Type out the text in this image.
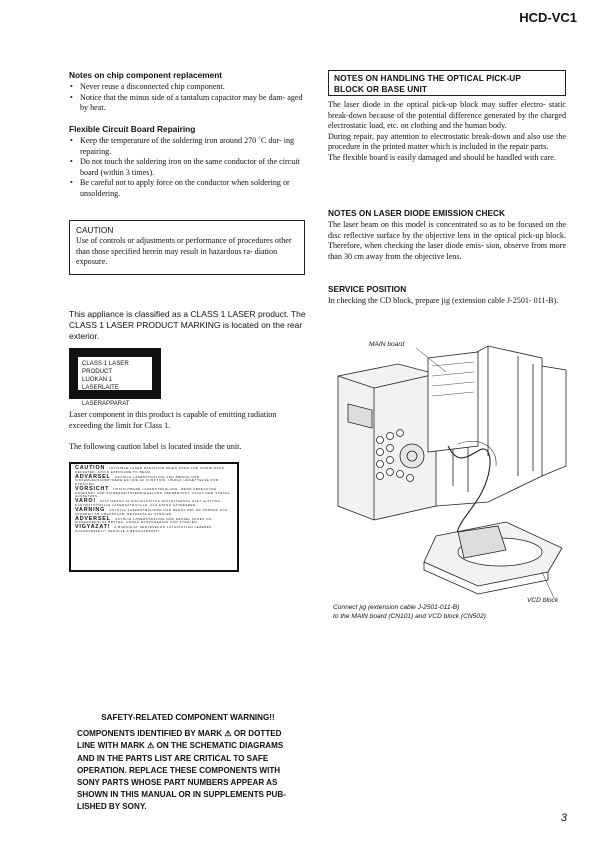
HCD-VC1
Notes on chip component replacement
• Never reuse a disconnected chip component.
• Notice that the minus side of a tantalum capacitor may be dam- aged by heat.
Flexible Circuit Board Repairing
• Keep the temperature of the soldering iron around 270 ˚C dur- ing repairing.
• Do not touch the soldering iron on the same conductor of the circuit board (within 3 times).
• Be careful not to apply force on the conductor when soldering or unsoldering.
CAUTION
Use of controls or adjustments or performance of procedures other than those specified herein may result in hazardous ra- diation exposure.
This appliance is classified as a CLASS 1 LASER product. The CLASS 1 LASER PRODUCT MARKING is located on the rear exterior.
CLASS 1 LASER PRODUCT
LUOKAN 1 LASERLAITE
KLASS 1 LASERAPPARAT
Laser component in this product is capable of emitting radiation exceeding the limit for Class 1.
The following caution label is located inside the unit.
CAUTION : INVISIBLE LASER RADIATION WHEN OPEN AND INTERLOCKS DEFEATED. AVOID EXPOSURE TO BEAM.
ADVARSEL : USYNLIG LASERSTRÅLING VED ÅBNING NÅR SIKKERHEDSAFBRYDERE ER UDE AF FUNKTION. UNDGÅ UDSÆTTELSE FOR STRÅLING.
VORSICHT : UNSICHTBARE LASERSTRAHLUNG, WENN ABDECKUNG GEÖFFNET UND SICHERHEITSVERRIEGELUNG ÜBERBRÜCKT. NICHT DEM STRAHL AUSSETZEN.
VARO! : AVATTAESSA JA SUOJALUKITUS OHITETTAESSA OLET ALTTIINA NÄKYMÄTTÖMÄLLE LASERSÄTEILYLLE. ÄLÄ KATSO SÄTEESEEN.
VARNING : OSYNLIG LASERSTRÅLNING NÄR DENNA DEL ÄR ÖPPNAD OCH SPÄRREN ÄR URKOPPLAD. BETRAKTA EJ STRÅLEN.
ADVERSEL : USYNLIG LASERSTRÅLING NÅR DEKSEL ÅPNES OG SIKKERHEDSLÅS BRYTES. UNNGÅ EKSPONERING FOR STRÅLEN.
VIGYAZAT! : A BURKOLAT SÉRTÉSEKOR LÁTHATATLAN LÉZERES SUGÁRVESZÉLY! KERÜLJE A BESUGÁRZÁST!
SAFETY-RELATED COMPONENT WARNING!!
COMPONENTS IDENTIFIED BY MARK ⚠ OR DOTTED
LINE WITH MARK ⚠ ON THE SCHEMATIC DIAGRAMS
AND IN THE PARTS LIST ARE CRITICAL TO SAFE
OPERATION. REPLACE THESE COMPONENTS WITH
SONY PARTS WHOSE PART NUMBERS APPEAR AS
SHOWN IN THIS MANUAL OR IN SUPPLEMENTS PUB-
LISHED BY SONY.
NOTES ON HANDLING THE OPTICAL PICK-UP
BLOCK OR BASE UNIT
The laser diode in the optical pick-up block may suffer electro- static break-down because of the potential difference generated by the charged electrostatic load, etc. on clothing and the human body.
During repair, pay attention to electrostatic break-down and also use the procedure in the printed matter which is included in the repair parts.
The flexible board is easily damaged and should be handled with care.
NOTES ON LASER DIODE EMISSION CHECK
The laser beam on this model is concentrated so as to be focused on the disc reflective surface by the objective lens in the optical pick-up block. Therefore, when checking the laser diode emis- sion, observe from more than 30 cm away from the objective lens.
SERVICE POSITION
In checking the CD block, prepare jig (extension cable J-2501- 011-B).
MAIN board
VCD block
Connect jig (extension cable J-2501-011-B)
to the MAIN board (CN101) and VCD block (CN502).
3
